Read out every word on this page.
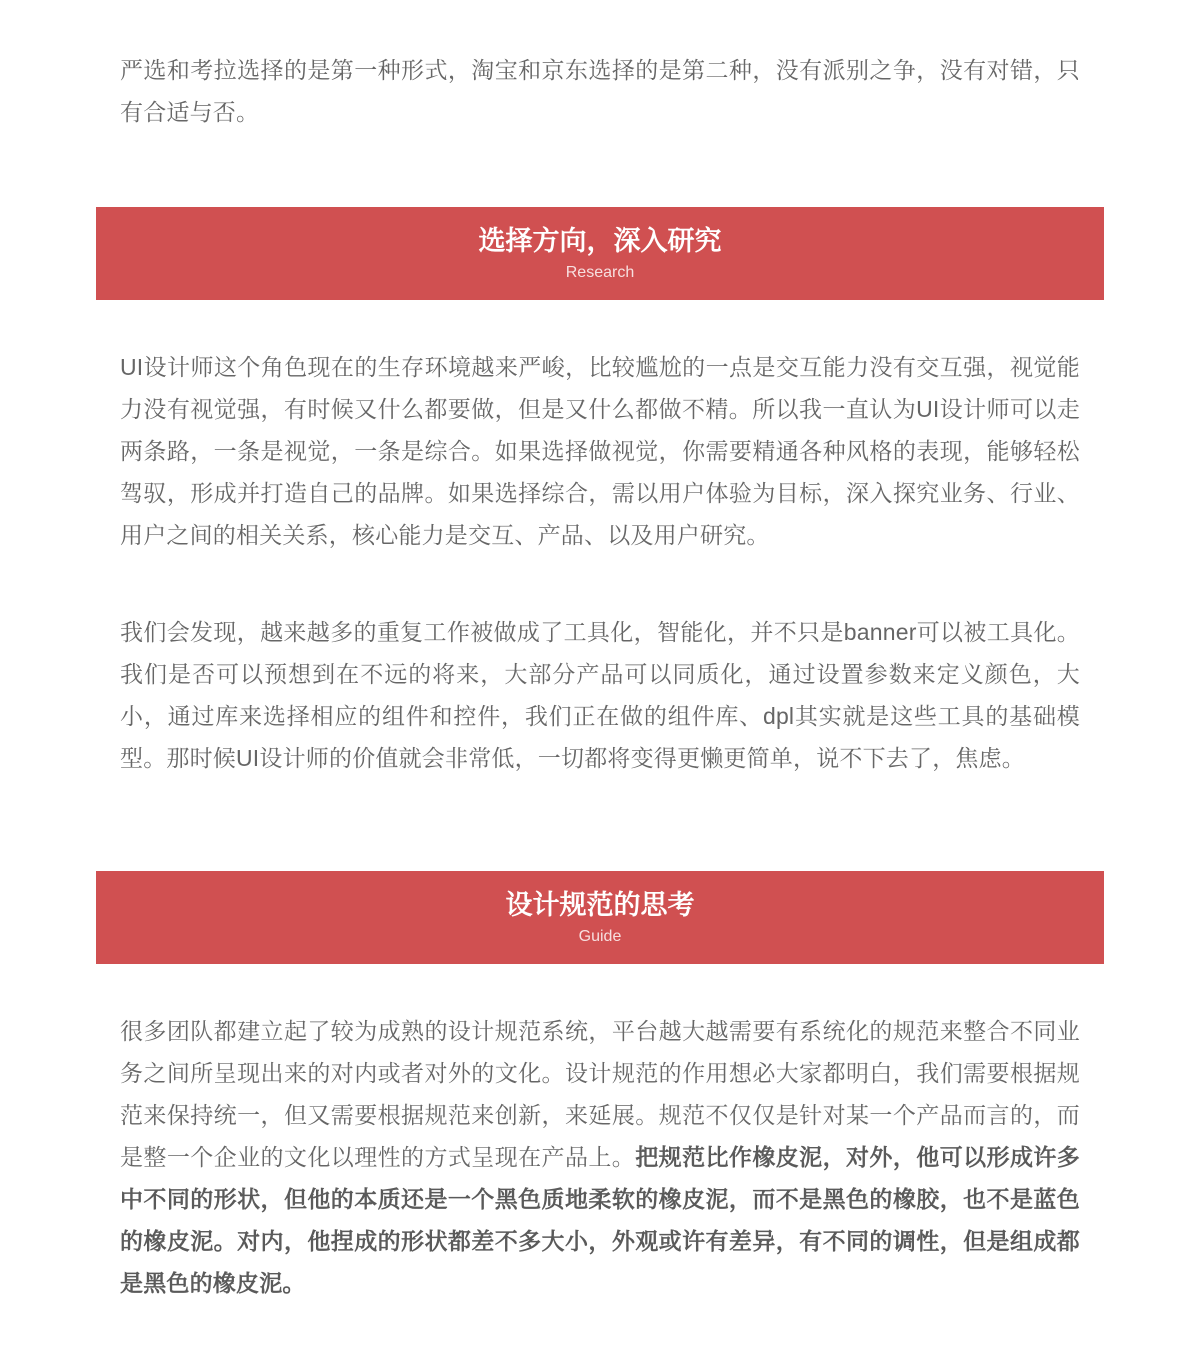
严选和考拉选择的是第一种形式，淘宝和京东选择的是第二种，没有派别之争，没有对错，只有合适与否。

选择方向，深入研究
Research

UI设计师这个角色现在的生存环境越来严峻，比较尴尬的一点是交互能力没有交互强，视觉能力没有视觉强，有时候又什么都要做，但是又什么都做不精。所以我一直认为UI设计师可以走两条路，一条是视觉，一条是综合。如果选择做视觉，你需要精通各种风格的表现，能够轻松驾驭，形成并打造自己的品牌。如果选择综合，需以用户体验为目标，深入探究业务、行业、用户之间的相关关系，核心能力是交互、产品、以及用户研究。

我们会发现，越来越多的重复工作被做成了工具化，智能化，并不只是banner可以被工具化。我们是否可以预想到在不远的将来，大部分产品可以同质化，通过设置参数来定义颜色，大小，通过库来选择相应的组件和控件，我们正在做的组件库、dpl其实就是这些工具的基础模型。那时候UI设计师的价值就会非常低，一切都将变得更懒更简单，说不下去了，焦虑。

设计规范的思考
Guide

很多团队都建立起了较为成熟的设计规范系统，平台越大越需要有系统化的规范来整合不同业务之间所呈现出来的对内或者对外的文化。设计规范的作用想必大家都明白，我们需要根据规范来保持统一，但又需要根据规范来创新，来延展。规范不仅仅是针对某一个产品而言的，而是整一个企业的文化以理性的方式呈现在产品上。把规范比作橡皮泥，对外，他可以形成许多中不同的形状，但他的本质还是一个黑色质地柔软的橡皮泥，而不是黑色的橡胶，也不是蓝色的橡皮泥。对内，他捏成的形状都差不多大小，外观或许有差异，有不同的调性，但是组成都是黑色的橡皮泥。
